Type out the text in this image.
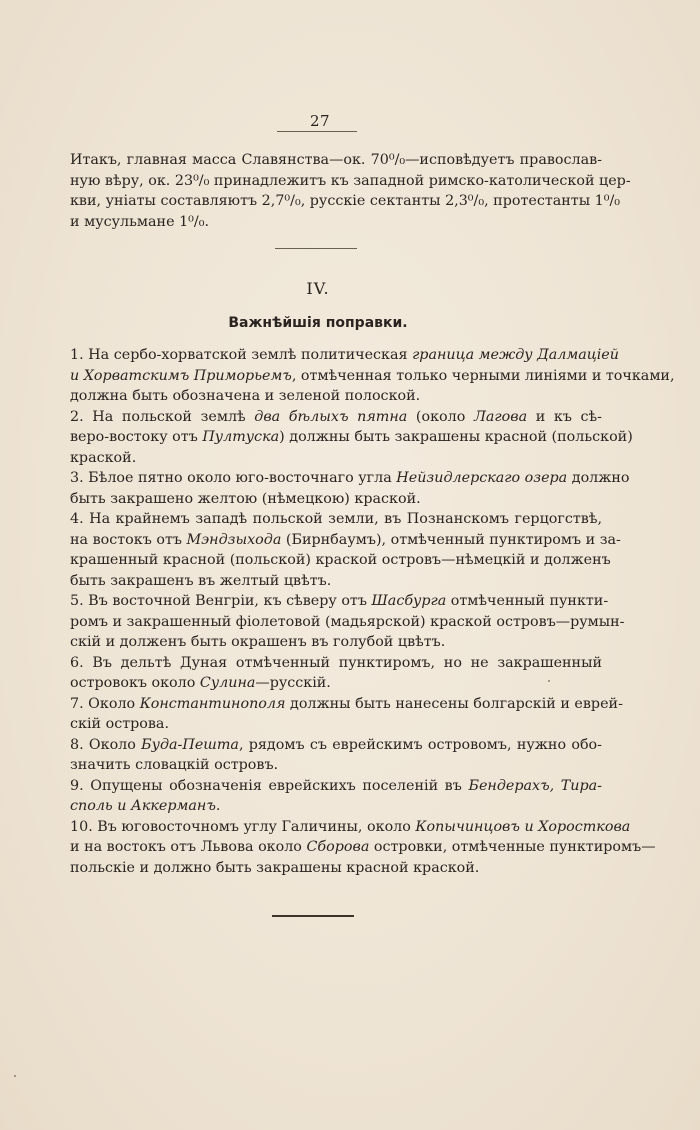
27
Итакъ, главная масса Славянства—ок. 70⁰/₀—исповѣдуетъ православ-
ную вѣру, ок. 23⁰/₀ принадлежитъ къ западной римско-католической цер-
кви, уніаты составляютъ 2,7⁰/₀, русскіе сектанты 2,3⁰/₀, протестанты 1⁰/₀
и мусульмане 1⁰/₀.
IV.
Важнѣйшія поправки.
1. На сербо-хорватской землѣ политическая граница между Далмаціей
и Хорватскимъ Приморьемъ, отмѣченная только черными линіями и точками,
должна быть обозначена и зеленой полоской.
2. На польской землѣ два бѣлыхъ пятна (около Лагова и къ сѣ-
веро-востоку отъ Пултуска) должны быть закрашены красной (польской)
краской.
3. Бѣлое пятно около юго-восточнаго угла Нейзидлерскаго озера должно
быть закрашено желтою (нѣмецкою) краской.
4. На крайнемъ западѣ польской земли, въ Познанскомъ герцогствѣ,
на востокъ отъ Мэндзыхода (Бирнбаумъ), отмѣченный пунктиромъ и за-
крашенный красной (польской) краской островъ—нѣмецкій и долженъ
быть закрашенъ въ желтый цвѣтъ.
5. Въ восточной Венгріи, къ сѣверу отъ Шасбурга отмѣченный пункти-
ромъ и закрашенный фіолетовой (мадьярской) краской островъ—румын-
скій и долженъ быть окрашенъ въ голубой цвѣтъ.
6. Въ дельтѣ Дуная отмѣченный пунктиромъ, но не закрашенный
островокъ около Сулина—русскій.
7. Около Константинополя должны быть нанесены болгарскій и еврей-
скій острова.
8. Около Буда-Пешта, рядомъ съ еврейскимъ островомъ, нужно обо-
значить словацкій островъ.
9. Опущены обозначенія еврейскихъ поселеній въ Бендерахъ, Тира-
споль и Аккерманъ.
10. Въ юговосточномъ углу Галичины, около Копычинцовъ и Хоростковa
и на востокъ отъ Львова около Сборова островки, отмѣченные пунктиромъ—
польскіе и должно быть закрашены красной краской.
